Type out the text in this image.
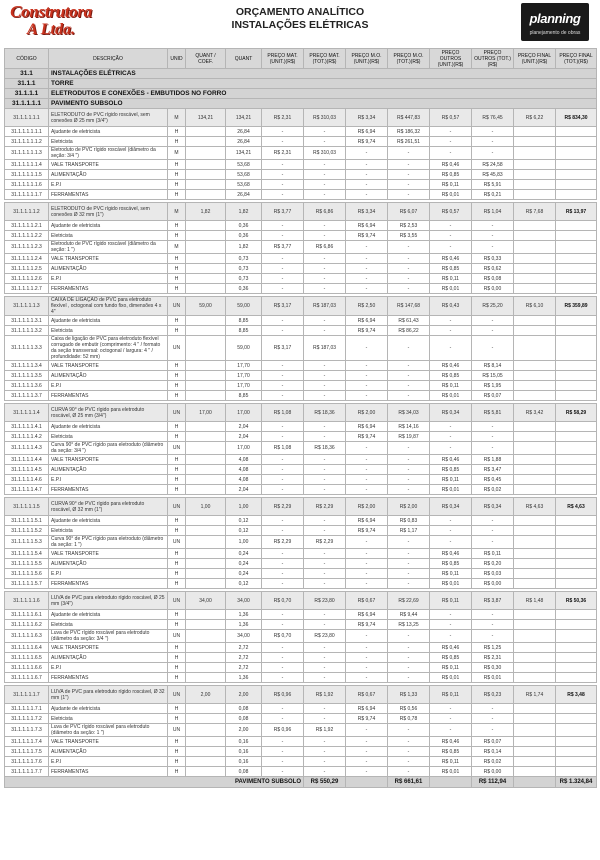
Construtora
A Ltda.
ORÇAMENTO ANALÍTICO
INSTALAÇÕES ELÉTRICAS	planning
planejamento de obras
CÓDIGO	DESCRIÇÃO	UNID	QUANT / COEF.	QUANT	PREÇO MAT. (UNIT.)(R$)	PREÇO MAT. (TOT.)(R$)	PREÇO M.O. (UNIT.)(R$)	PREÇO M.O. (TOT.)(R$)	PREÇO OUTROS (UNIT.)(R$)	PREÇO OUTROS (TOT.)(R$)	PREÇO FINAL (UNIT.)(R$)	PREÇO FINAL (TOT.)(R$)
31.1	INSTALAÇÕES ELÉTRICAS											
31.1.1	TORRE											
31.1.1.1	ELETRODUTOS E CONEXÕES - EMBUTIDOS NO FORRO											
31.1.1.1.1	PAVIMENTO SUBSOLO											
31.1.1.1.1.1	ELETRODUTO de PVC rígido roscável, sem conexões Ø 25 mm (3/4")	M	134,21	134,21	R$ 2,31	R$ 310,03	R$ 3,34	R$ 447,83	R$ 0,57	R$ 76,45	R$ 6,22	R$ 834,30
31.1.1.1.1.1.1	Ajudante de eletricista	H		26,84	-	-	R$ 6,94	R$ 186,32	-	-		
31.1.1.1.1.1.2	Eletricista	H		26,84	-	-	R$ 9,74	R$ 261,51	-	-		
31.1.1.1.1.1.3	Eletroduto de PVC rígido roscável (diâmetro da seção: 3/4 ")	M		134,21	R$ 2,31	R$ 310,03	-	-	-	-		
31.1.1.1.1.1.4	VALE TRANSPORTE	H		53,68	-	-	-	-	R$ 0,46	R$ 24,58		
31.1.1.1.1.1.5	ALIMENTAÇÃO	H		53,68	-	-	-	-	R$ 0,85	R$ 45,83		
31.1.1.1.1.1.6	E.P.I	H		53,68	-	-	-	-	R$ 0,11	R$ 5,91		
31.1.1.1.1.1.7	FERRAMENTAS	H		26,84	-	-	-	-	R$ 0,01	R$ 0,21		

31.1.1.1.1.2	ELETRODUTO de PVC rígido roscável, sem conexões Ø 32 mm (1")	M	1,82	1,82	R$ 3,77	R$ 6,86	R$ 3,34	R$ 6,07	R$ 0,57	R$ 1,04	R$ 7,68	R$ 13,97
31.1.1.1.1.2.1	Ajudante de eletricista	H		0,36	-	-	R$ 6,94	R$ 2,53	-	-		
31.1.1.1.1.2.2	Eletricista	H		0,36	-	-	R$ 9,74	R$ 3,55	-	-		
31.1.1.1.1.2.3	Eletroduto de PVC rígido roscável (diâmetro da seção: 1 ")	M		1,82	R$ 3,77	R$ 6,86	-	-	-	-		
31.1.1.1.1.2.4	VALE TRANSPORTE	H		0,73	-	-	-	-	R$ 0,46	R$ 0,33		
31.1.1.1.1.2.5	ALIMENTAÇÃO	H		0,73	-	-	-	-	R$ 0,85	R$ 0,62		
31.1.1.1.1.2.6	E.P.I	H		0,73	-	-	-	-	R$ 0,11	R$ 0,08		
31.1.1.1.1.2.7	FERRAMENTAS	H		0,36	-	-	-	-	R$ 0,01	R$ 0,00		

31.1.1.1.1.3	CAIXA DE LIGAÇÃO de PVC para eletroduto flexível , octogonal com fundo fixo, dimensões 4 x 4"	UN	59,00	59,00	R$ 3,17	R$ 187,03	R$ 2,50	R$ 147,68	R$ 0,43	R$ 25,20	R$ 6,10	R$ 359,89
31.1.1.1.1.3.1	Ajudante de eletricista	H		8,85	-	-	R$ 6,94	R$ 61,43	-	-		
31.1.1.1.1.3.2	Eletricista	H		8,85	-	-	R$ 9,74	R$ 86,22	-	-		
31.1.1.1.1.3.3	Caixa de ligação de PVC para eletroduto flexível corrugado de embutir (comprimento: 4 " / formato da seção transversal: octogonal / largura: 4 " / profundidade: 52 mm)	UN		59,00	R$ 3,17	R$ 187,03	-	-	-	-		
31.1.1.1.1.3.4	VALE TRANSPORTE	H		17,70	-	-	-	-	R$ 0,46	R$ 8,14		
31.1.1.1.1.3.5	ALIMENTAÇÃO	H		17,70	-	-	-	-	R$ 0,85	R$ 15,05		
31.1.1.1.1.3.6	E.P.I	H		17,70	-	-	-	-	R$ 0,11	R$ 1,95		
31.1.1.1.1.3.7	FERRAMENTAS	H		8,85	-	-	-	-	R$ 0,01	R$ 0,07		

31.1.1.1.1.4	CURVA 90° de PVC rígido para eletroduto roscável, Ø 25 mm (3/4")	UN	17,00	17,00	R$ 1,08	R$ 18,36	R$ 2,00	R$ 34,03	R$ 0,34	R$ 5,81	R$ 3,42	R$ 58,29
31.1.1.1.1.4.1	Ajudante de eletricista	H		2,04	-	-	R$ 6,94	R$ 14,16	-	-		
31.1.1.1.1.4.2	Eletricista	H		2,04	-	-	R$ 9,74	R$ 19,87	-	-		
31.1.1.1.1.4.3	Curva 90° de PVC rígido para eletroduto (diâmetro da seção: 3/4 ")	UN		17,00	R$ 1,08	R$ 18,36	-	-	-	-		
31.1.1.1.1.4.4	VALE TRANSPORTE	H		4,08	-	-	-	-	R$ 0,46	R$ 1,88		
31.1.1.1.1.4.5	ALIMENTAÇÃO	H		4,08	-	-	-	-	R$ 0,85	R$ 3,47		
31.1.1.1.1.4.6	E.P.I	H		4,08	-	-	-	-	R$ 0,11	R$ 0,45		
31.1.1.1.1.4.7	FERRAMENTAS	H		2,04	-	-	-	-	R$ 0,01	R$ 0,02		

31.1.1.1.1.5	CURVA 90° de PVC rígido para eletroduto roscável, Ø 32 mm (1")	UN	1,00	1,00	R$ 2,29	R$ 2,29	R$ 2,00	R$ 2,00	R$ 0,34	R$ 0,34	R$ 4,63	R$ 4,63
31.1.1.1.1.5.1	Ajudante de eletricista	H		0,12	-	-	R$ 6,94	R$ 0,83	-	-		
31.1.1.1.1.5.2	Eletricista	H		0,12	-	-	R$ 9,74	R$ 1,17	-	-		
31.1.1.1.1.5.3	Curva 90° de PVC rígido para eletroduto (diâmetro da seção: 1 ")	UN		1,00	R$ 2,29	R$ 2,29	-	-	-	-		
31.1.1.1.1.5.4	VALE TRANSPORTE	H		0,24	-	-	-	-	R$ 0,46	R$ 0,11		
31.1.1.1.1.5.5	ALIMENTAÇÃO	H		0,24	-	-	-	-	R$ 0,85	R$ 0,20		
31.1.1.1.1.5.6	E.P.I	H		0,24	-	-	-	-	R$ 0,11	R$ 0,03		
31.1.1.1.1.5.7	FERRAMENTAS	H		0,12	-	-	-	-	R$ 0,01	R$ 0,00		

31.1.1.1.1.6	LUVA de PVC para eletroduto rígido roscável, Ø 25 mm (3/4")	UN	34,00	34,00	R$ 0,70	R$ 23,80	R$ 0,67	R$ 22,69	R$ 0,11	R$ 3,87	R$ 1,48	R$ 50,36
31.1.1.1.1.6.1	Ajudante de eletricista	H		1,36	-	-	R$ 6,94	R$ 9,44	-	-		
31.1.1.1.1.6.2	Eletricista	H		1,36	-	-	R$ 9,74	R$ 13,25	-	-		
31.1.1.1.1.6.3	Luva de PVC rígido roscável para eletroduto (diâmetro da seção: 3/4 ")	UN		34,00	R$ 0,70	R$ 23,80	-	-	-	-		
31.1.1.1.1.6.4	VALE TRANSPORTE	H		2,72	-	-	-	-	R$ 0,46	R$ 1,25		
31.1.1.1.1.6.5	ALIMENTAÇÃO	H		2,72	-	-	-	-	R$ 0,85	R$ 2,31		
31.1.1.1.1.6.6	E.P.I	H		2,72	-	-	-	-	R$ 0,11	R$ 0,30		
31.1.1.1.1.6.7	FERRAMENTAS	H		1,36	-	-	-	-	R$ 0,01	R$ 0,01		

31.1.1.1.1.7	LUVA de PVC para eletroduto rígido roscável, Ø 32 mm (1")	UN	2,00	2,00	R$ 0,96	R$ 1,92	R$ 0,67	R$ 1,33	R$ 0,11	R$ 0,23	R$ 1,74	R$ 3,48
31.1.1.1.1.7.1	Ajudante de eletricista	H		0,08	-	-	R$ 6,94	R$ 0,56	-	-		
31.1.1.1.1.7.2	Eletricista	H		0,08	-	-	R$ 9,74	R$ 0,78	-	-		
31.1.1.1.1.7.3	Luva de PVC rígido roscável para eletroduto (diâmetro da seção: 1 ")	UN		2,00	R$ 0,96	R$ 1,92	-	-	-	-		
31.1.1.1.1.7.4	VALE TRANSPORTE	H		0,16	-	-	-	-	R$ 0,46	R$ 0,07		
31.1.1.1.1.7.5	ALIMENTAÇÃO	H		0,16	-	-	-	-	R$ 0,85	R$ 0,14		
31.1.1.1.1.7.6	E.P.I	H		0,16	-	-	-	-	R$ 0,11	R$ 0,02		
31.1.1.1.1.7.7	FERRAMENTAS	H		0,08	-	-	-	-	R$ 0,01	R$ 0,00		
PAVIMENTO SUBSOLO						R$ 550,29		R$ 661,61		R$ 112,94		R$ 1.324,84
